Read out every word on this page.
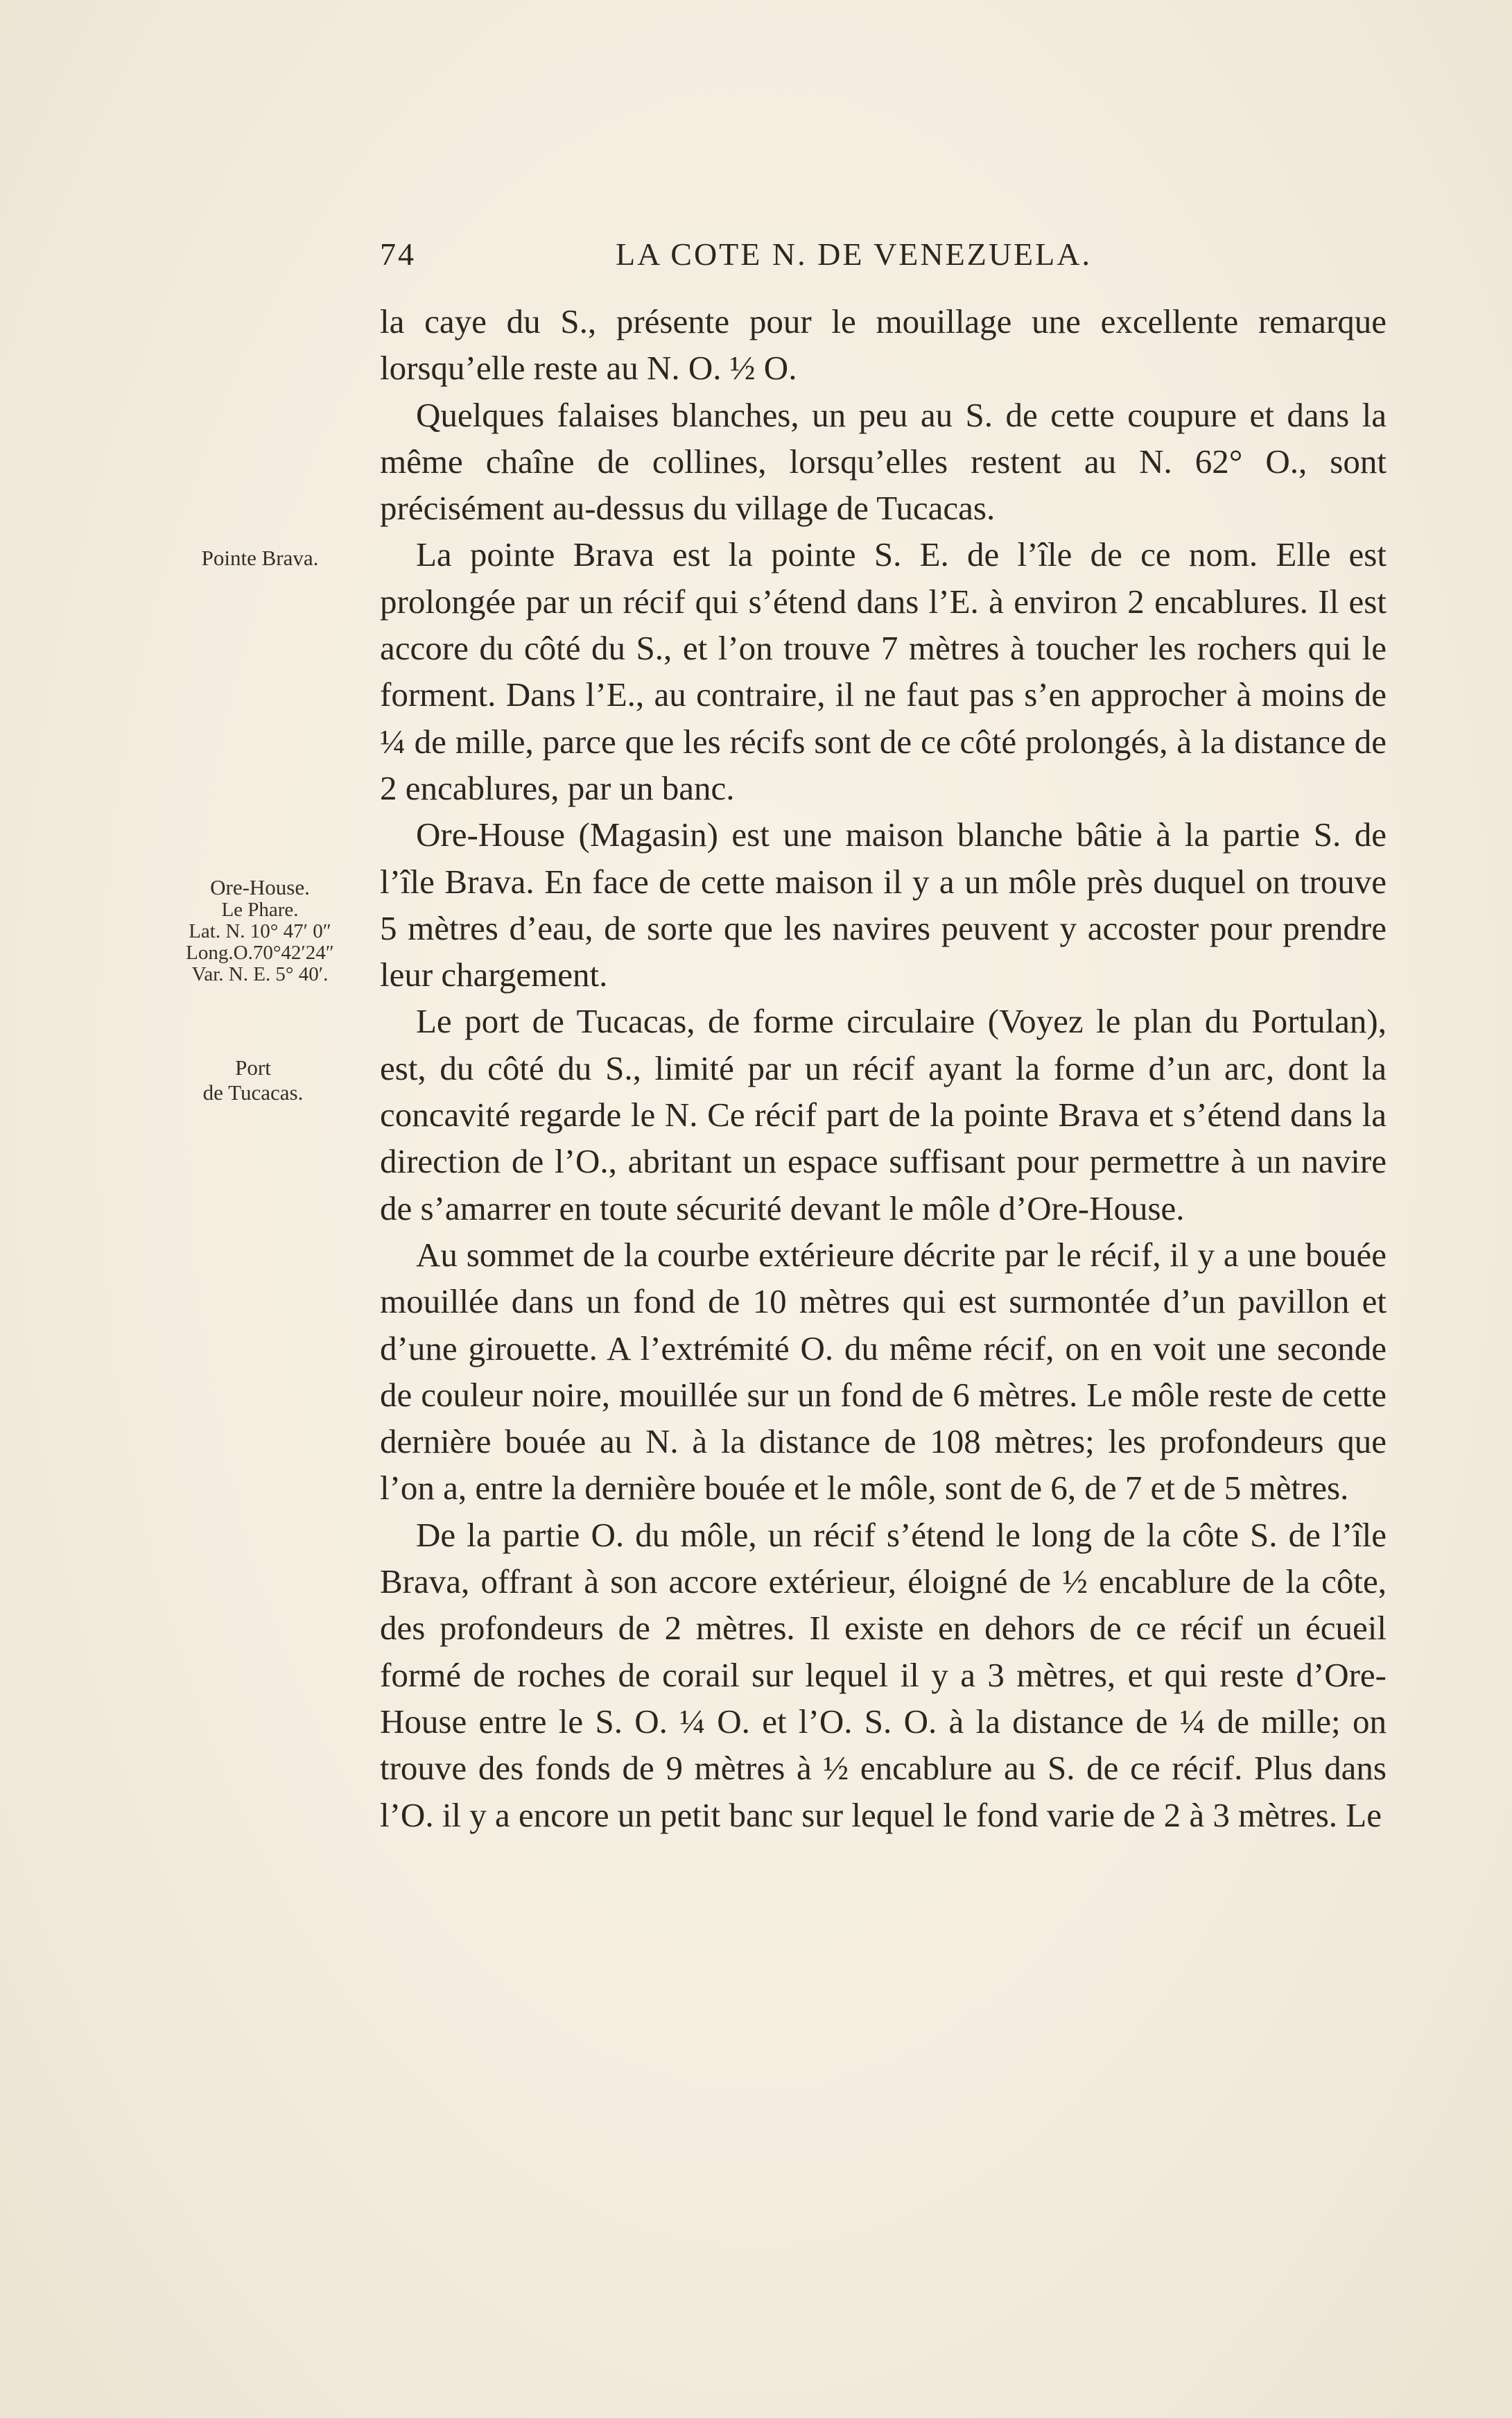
74	LA COTE N. DE VENEZUELA.
Pointe Brava.
Ore-House.
Le Phare.
Lat. N. 10° 47′ 0″
Long.O.70°42′24″
Var. N. E. 5° 40′.
Port
de Tucacas.

la caye du S., présente pour le mouillage une excellente remarque lorsqu’elle reste au N. O. ½ O.

Quelques falaises blanches, un peu au S. de cette coupure et dans la même chaîne de collines, lorsqu’elles restent au N. 62° O., sont précisément au-dessus du village de Tucacas.

La pointe Brava est la pointe S. E. de l’île de ce nom. Elle est prolongée par un récif qui s’étend dans l’E. à environ 2 encablures. Il est accore du côté du S., et l’on trouve 7 mètres à toucher les rochers qui le forment. Dans l’E., au contraire, il ne faut pas s’en approcher à moins de ¼ de mille, parce que les récifs sont de ce côté prolongés, à la distance de 2 encablures, par un banc.

Ore-House (Magasin) est une maison blanche bâtie à la partie S. de l’île Brava. En face de cette maison il y a un môle près duquel on trouve 5 mètres d’eau, de sorte que les navires peuvent y accoster pour prendre leur chargement.

Le port de Tucacas, de forme circulaire (Voyez le plan du Portulan), est, du côté du S., limité par un récif ayant la forme d’un arc, dont la concavité regarde le N. Ce récif part de la pointe Brava et s’étend dans la direction de l’O., abritant un espace suffisant pour permettre à un navire de s’amarrer en toute sécurité devant le môle d’Ore-House.

Au sommet de la courbe extérieure décrite par le récif, il y a une bouée mouillée dans un fond de 10 mètres qui est surmontée d’un pavillon et d’une girouette. A l’extrémité O. du même récif, on en voit une seconde de couleur noire, mouillée sur un fond de 6 mètres. Le môle reste de cette dernière bouée au N. à la distance de 108 mètres; les profondeurs que l’on a, entre la dernière bouée et le môle, sont de 6, de 7 et de 5 mètres.

De la partie O. du môle, un récif s’étend le long de la côte S. de l’île Brava, offrant à son accore extérieur, éloigné de ½ encablure de la côte, des profondeurs de 2 mètres. Il existe en dehors de ce récif un écueil formé de roches de corail sur lequel il y a 3 mètres, et qui reste d’Ore-House entre le S. O. ¼ O. et l’O. S. O. à la distance de ¼ de mille; on trouve des fonds de 9 mètres à ½ encablure au S. de ce récif. Plus dans l’O. il y a encore un petit banc sur lequel le fond varie de 2 à 3 mètres. Le
